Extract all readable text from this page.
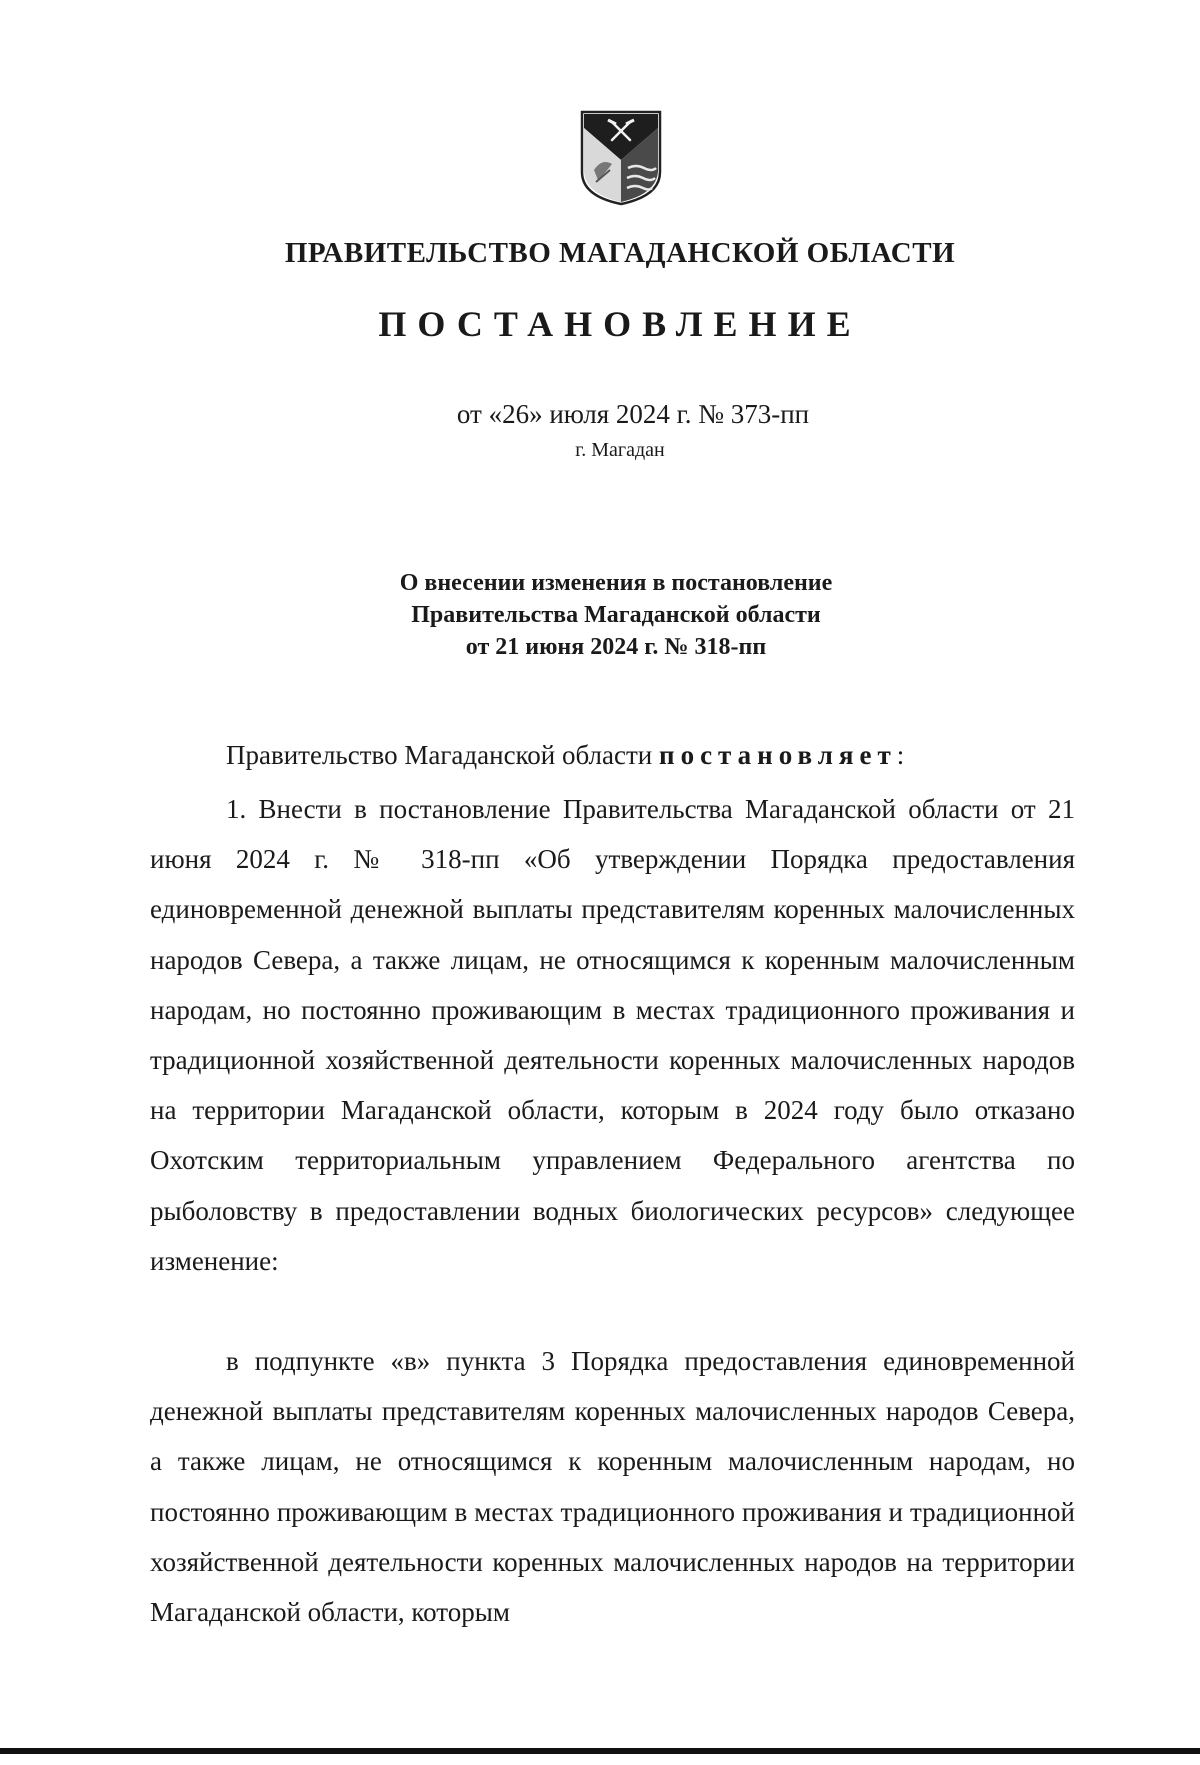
ПРАВИТЕЛЬСТВО МАГАДАНСКОЙ ОБЛАСТИ
ПОСТАНОВЛЕНИЕ
от «26» июля 2024 г. № 373-пп
г. Магадан
О внесении изменения в постановление
Правительства Магаданской области
от 21 июня 2024 г. № 318-пп
Правительство Магаданской области постановляет:

1. Внести в постановление Правительства Магаданской области от 21 июня 2024 г. № 318-пп «Об утверждении Порядка предоставления единовременной денежной выплаты представителям коренных малочисленных народов Севера, а также лицам, не относящимся к коренным малочисленным народам, но постоянно проживающим в местах традиционного проживания и традиционной хозяйственной деятельности коренных малочисленных народов на территории Магаданской области, которым в 2024 году было отказано Охотским территориальным управлением Федерального агентства по рыболовству в предоставлении водных биологических ресурсов» следующее изменение:

в подпункте «в» пункта 3 Порядка предоставления единовременной денежной выплаты представителям коренных малочисленных народов Севера, а также лицам, не относящимся к коренным малочисленным народам, но постоянно проживающим в местах традиционного проживания и традиционной хозяйственной деятельности коренных малочисленных народов на территории Магаданской области, которым
